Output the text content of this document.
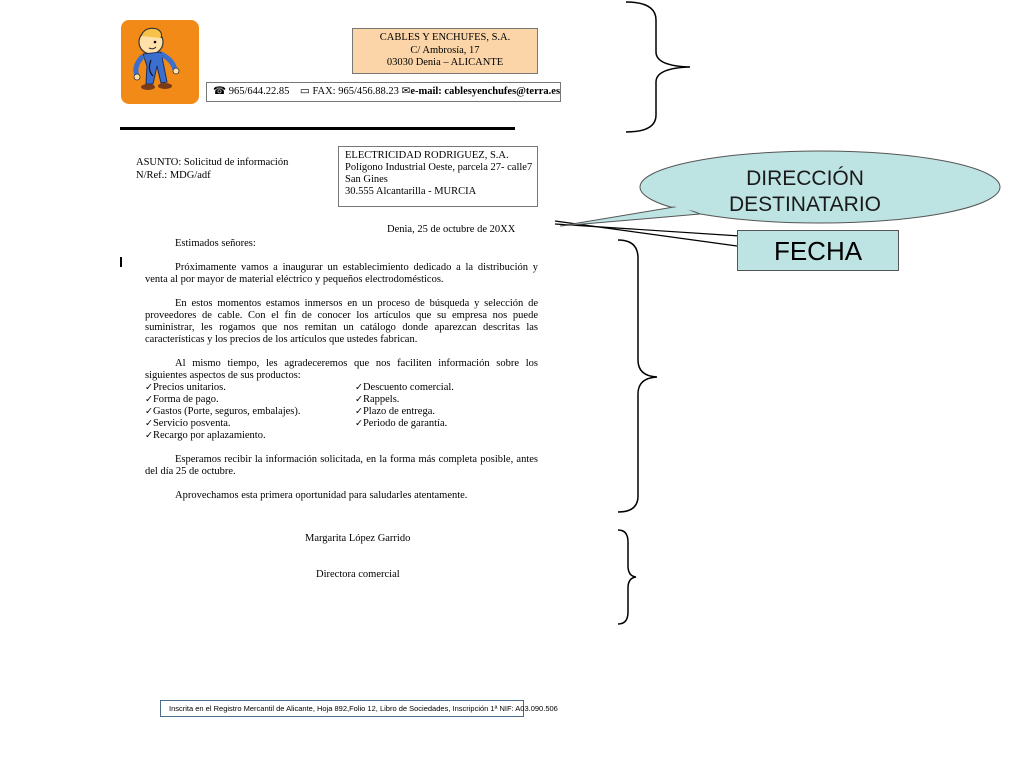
CABLES Y ENCHUFES, S.A.
C/ Ambrosía, 17
03030 Denia – ALICANTE
☎ 965/644.22.85 ▭ FAX: 965/456.88.23 ✉e-mail: cablesyenchufes@terra.es
ASUNTO: Solicitud de información
N/Ref.: MDG/adf
ELECTRICIDAD RODRIGUEZ, S.A.
Polígono Industrial Oeste, parcela 27- calle7
San Gines
30.555 Alcantarilla - MURCIA
Denia, 25 de octubre de 20XX

Estimados señores:

Próximamente vamos a inaugurar un establecimiento dedicado a la distribución y venta al por mayor de material eléctrico y pequeños electrodomésticos.

En estos momentos estamos inmersos en un proceso de búsqueda y selección de proveedores de cable. Con el fin de conocer los artículos que su empresa nos puede suministrar, les rogamos que nos remitan un catálogo donde aparezcan descritas las características y los precios de los artículos que ustedes fabrican.

Al mismo tiempo, les agradeceremos que nos faciliten información sobre los siguientes aspectos de sus productos:

✓Precios unitarios.
✓Forma de pago.
✓Gastos (Porte, seguros, embalajes).
✓Servicio posventa.
✓Recargo por aplazamiento.
✓Descuento comercial.
✓Rappels.
✓Plazo de entrega.
✓Periodo de garantía.

Esperamos recibir la información solicitada, en la forma más completa posible, antes del día 25 de octubre.

Aprovechamos esta primera oportunidad para saludarles atentamente.

Margarita López Garrido
Directora comercial
Inscrita en el Registro Mercantil de Alicante, Hoja 892,Folio 12, Libro de Sociedades, Inscripción 1ª NIF: A03.090.506
DIRECCIÓN DESTINATARIO
FECHA
